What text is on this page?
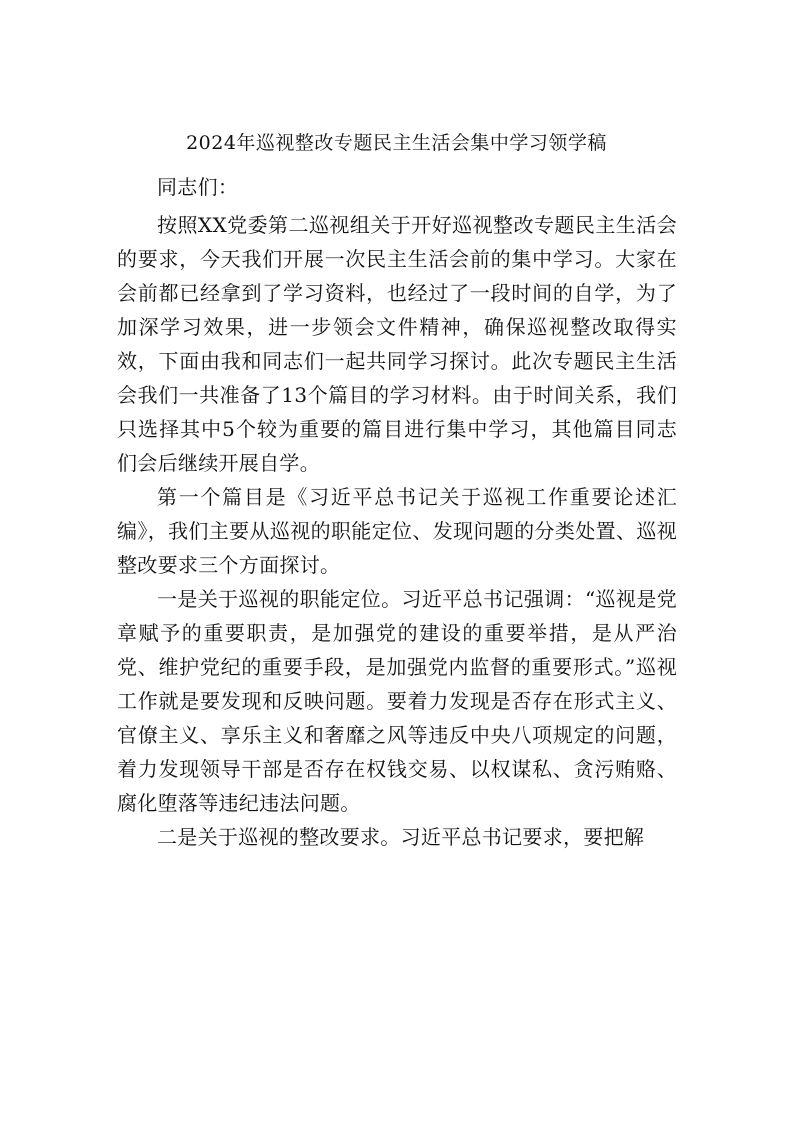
2024年巡视整改专题民主生活会集中学习领学稿

同志们：

按照XX党委第二巡视组关于开好巡视整改专题民主生活会的要求，今天我们开展一次民主生活会前的集中学习。大家在会前都已经拿到了学习资料，也经过了一段时间的自学，为了加深学习效果，进一步领会文件精神，确保巡视整改取得实效，下面由我和同志们一起共同学习探讨。此次专题民主生活会我们一共准备了13个篇目的学习材料。由于时间关系，我们只选择其中5个较为重要的篇目进行集中学习，其他篇目同志们会后继续开展自学。

第一个篇目是《习近平总书记关于巡视工作重要论述汇编》，我们主要从巡视的职能定位、发现问题的分类处置、巡视整改要求三个方面探讨。

一是关于巡视的职能定位。习近平总书记强调：“巡视是党章赋予的重要职责，是加强党的建设的重要举措，是从严治党、维护党纪的重要手段，是加强党内监督的重要形式。”巡视工作就是要发现和反映问题。要着力发现是否存在形式主义、官僚主义、享乐主义和奢靡之风等违反中央八项规定的问题，着力发现领导干部是否存在权钱交易、以权谋私、贪污贿赂、腐化堕落等违纪违法问题。

二是关于巡视的整改要求。习近平总书记要求，要把解
